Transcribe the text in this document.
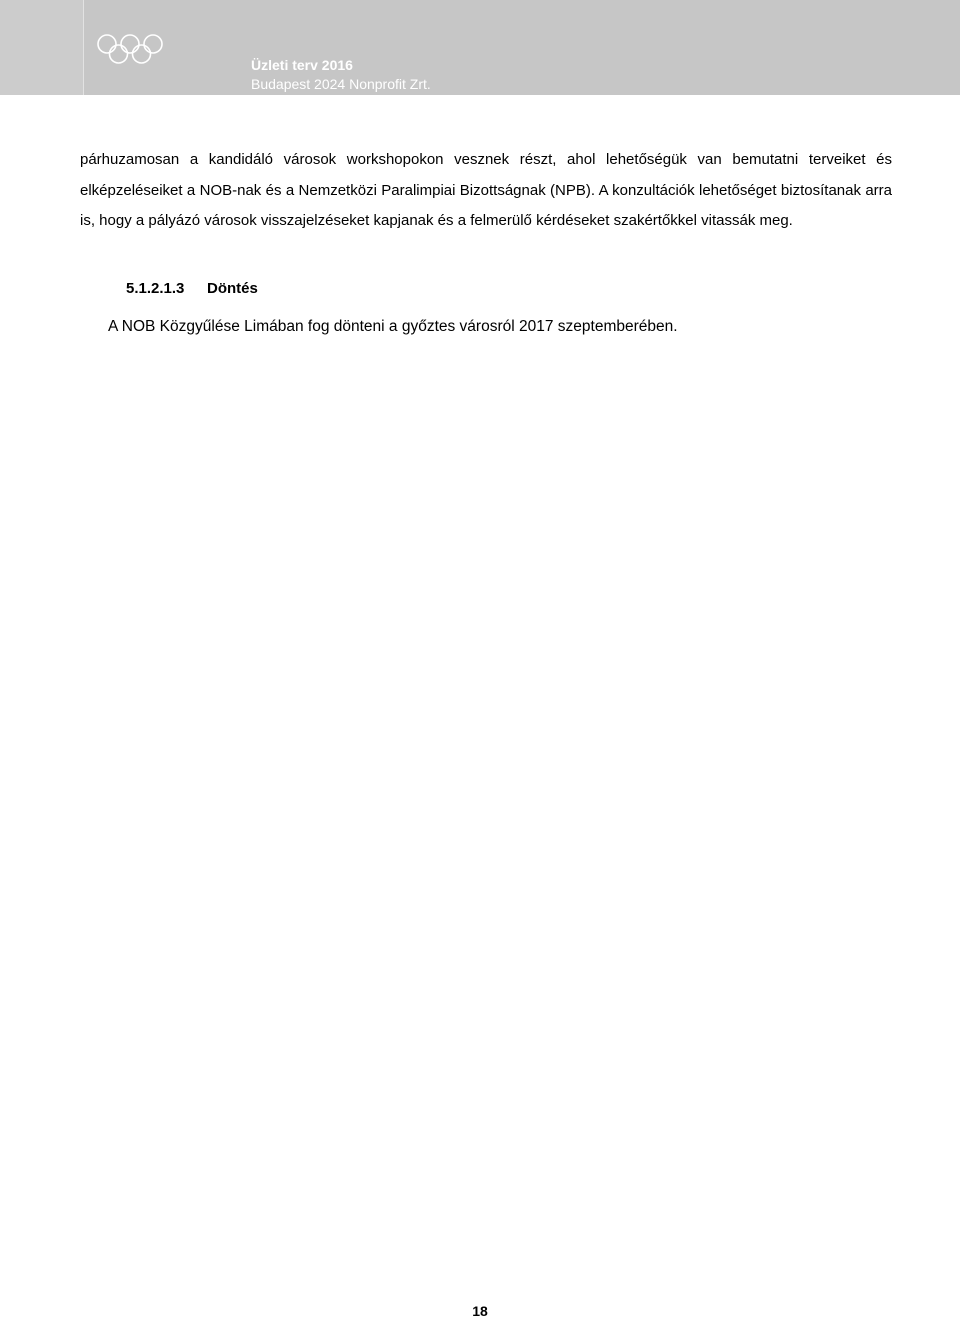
Üzleti terv 2016
Budapest 2024 Nonprofit Zrt.

párhuzamosan a kandidáló városok workshopokon vesznek részt, ahol lehetőségük van bemutatni terveiket és elképzeléseiket a NOB-nak és a Nemzetközi Paralimpiai Bizottságnak (NPB). A konzultációk lehetőséget biztosítanak arra is, hogy a pályázó városok visszajelzéseket kapjanak és a felmerülő kérdéseket szakértőkkel vitassák meg.

5.1.2.1.3 Döntés

A NOB Közgyűlése Limában fog dönteni a győztes városról 2017 szeptemberében.

18
